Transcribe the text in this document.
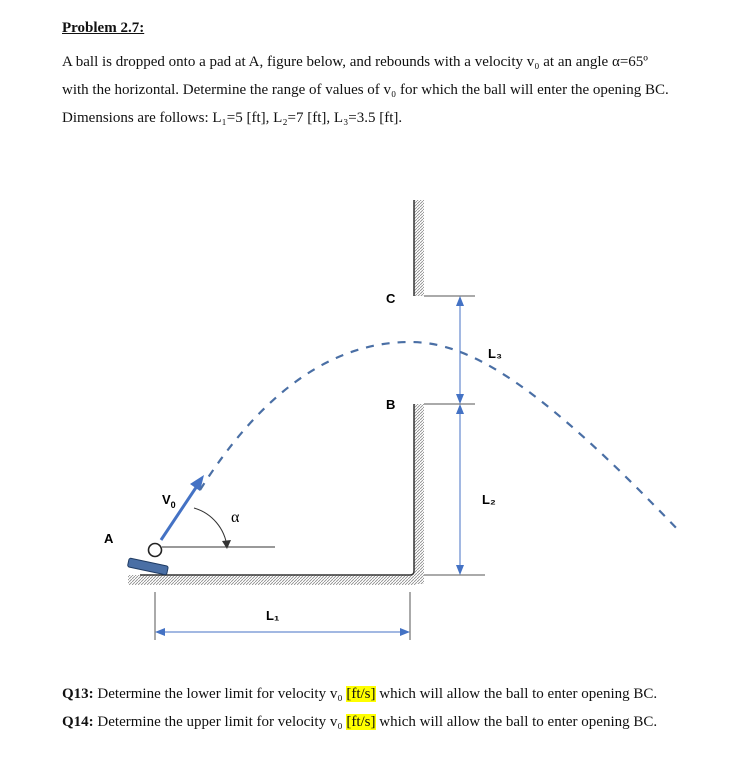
Problem 2.7:

A ball is dropped onto a pad at A, figure below, and rebounds with a velocity v₀ at an angle α=65º

with the horizontal. Determine the range of values of v₀ for which the ball will enter the opening BC.

Dimensions are follows: L₁=5 [ft], L₂=7 [ft], L₃=3.5 [ft].

A
B
C
$V_0$
α
L₁
L₂
L₃

Q13: Determine the lower limit for velocity v₀ [ft/s] which will allow the ball to enter opening BC.

Q14: Determine the upper limit for velocity v₀ [ft/s] which will allow the ball to enter opening BC.
